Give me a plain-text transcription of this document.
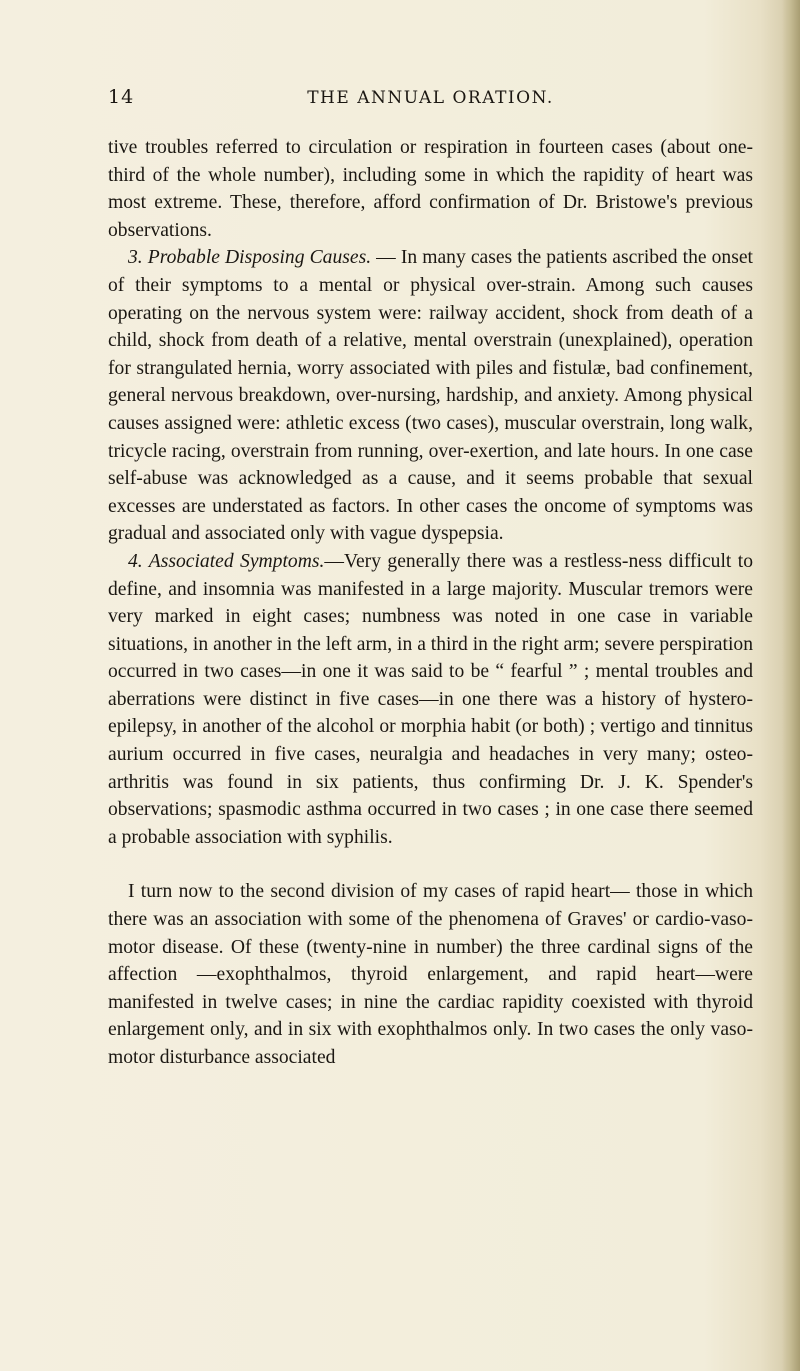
14	THE ANNUAL ORATION.

tive troubles referred to circulation or respiration in fourteen cases (about one-third of the whole number), including some in which the rapidity of heart was most extreme. These, therefore, afford confirmation of Dr. Bristowe's previous observations.

3. Probable Disposing Causes. — In many cases the patients ascribed the onset of their symptoms to a mental or physical over-strain. Among such causes operating on the nervous system were: railway accident, shock from death of a child, shock from death of a relative, mental overstrain (unexplained), operation for strangulated hernia, worry associated with piles and fistulæ, bad confinement, general nervous breakdown, over-nursing, hardship, and anxiety. Among physical causes assigned were: athletic excess (two cases), muscular overstrain, long walk, tricycle racing, overstrain from running, over-exertion, and late hours. In one case self-abuse was acknowledged as a cause, and it seems probable that sexual excesses are understated as factors. In other cases the oncome of symptoms was gradual and associated only with vague dyspepsia.

4. Associated Symptoms.—Very generally there was a restless-ness difficult to define, and insomnia was manifested in a large majority. Muscular tremors were very marked in eight cases; numbness was noted in one case in variable situations, in another in the left arm, in a third in the right arm; severe perspiration occurred in two cases—in one it was said to be “ fearful ” ; mental troubles and aberrations were distinct in five cases—in one there was a history of hystero-epilepsy, in another of the alcohol or morphia habit (or both) ; vertigo and tinnitus aurium occurred in five cases, neuralgia and headaches in very many; osteo-arthritis was found in six patients, thus confirming Dr. J. K. Spender's observations; spasmodic asthma occurred in two cases ; in one case there seemed a probable association with syphilis.

I turn now to the second division of my cases of rapid heart— those in which there was an association with some of the phenomena of Graves' or cardio-vaso-motor disease. Of these (twenty-nine in number) the three cardinal signs of the affection —exophthalmos, thyroid enlargement, and rapid heart—were manifested in twelve cases; in nine the cardiac rapidity coexisted with thyroid enlargement only, and in six with exophthalmos only. In two cases the only vaso-motor disturbance associated
